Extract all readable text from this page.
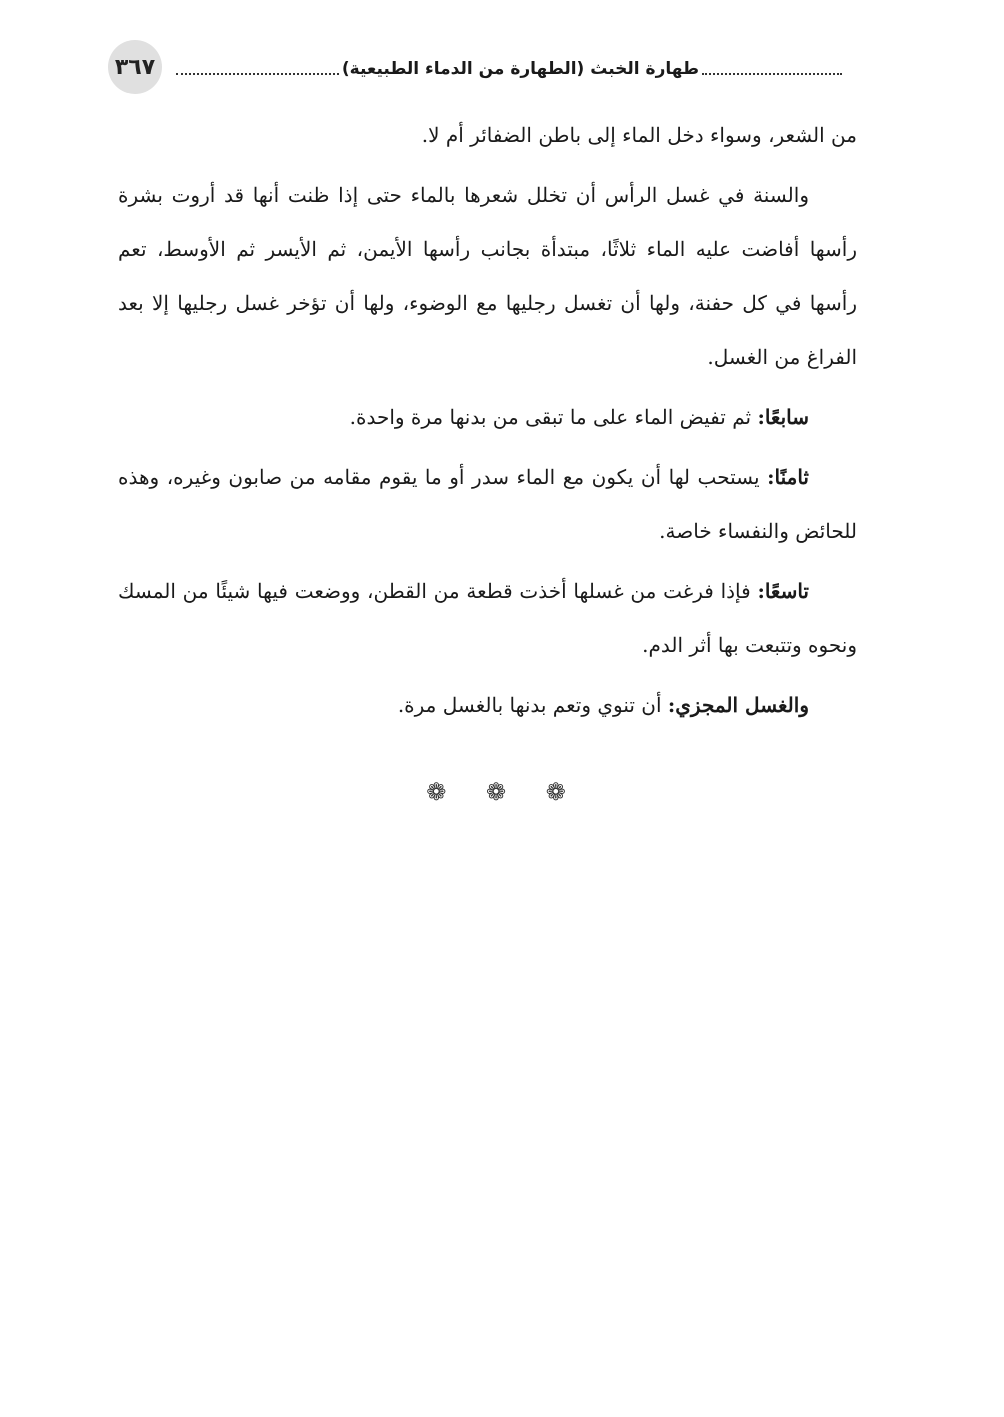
٣٦٧	طهارة الخبث (الطهارة من الدماء الطبيعية)

من الشعر، وسواء دخل الماء إلى باطن الضفائر أم لا.

والسنة في غسل الرأس أن تخلل شعرها بالماء حتى إذا ظنت أنها قد أروت بشرة رأسها أفاضت عليه الماء ثلاثًا، مبتدأة بجانب رأسها الأيمن، ثم الأيسر ثم الأوسط، تعم رأسها في كل حفنة، ولها أن تغسل رجليها مع الوضوء، ولها أن تؤخر غسل رجليها إلا بعد الفراغ من الغسل.

سابعًا: ثم تفيض الماء على ما تبقى من بدنها مرة واحدة.

ثامنًا: يستحب لها أن يكون مع الماء سدر أو ما يقوم مقامه من صابون وغيره، وهذه للحائض والنفساء خاصة.

تاسعًا: فإذا فرغت من غسلها أخذت قطعة من القطن، ووضعت فيها شيئًا من المسك ونحوه وتتبعت بها أثر الدم.

والغسل المجزي: أن تنوي وتعم بدنها بالغسل مرة.

❁ ❁ ❁
